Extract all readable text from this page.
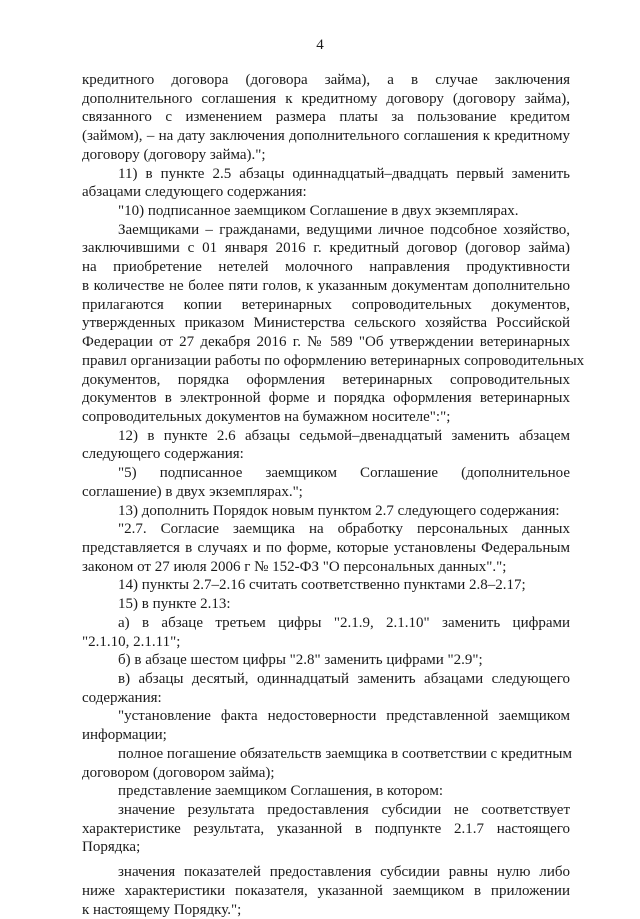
4
кредитного договора (договора займа), а в случае заключения
дополнительного соглашения к кредитному договору (договору займа),
связанного с изменением размера платы за пользование кредитом
(займом), – на дату заключения дополнительного соглашения к кредитному
договору (договору займа).";
11) в пункте 2.5 абзацы одиннадцатый–двадцать первый заменить
абзацами следующего содержания:
"10) подписанное заемщиком Соглашение в двух экземплярах.
Заемщиками – гражданами, ведущими личное подсобное хозяйство,
заключившими с 01 января 2016 г. кредитный договор (договор займа)
на приобретение нетелей молочного направления продуктивности
в количестве не более пяти голов, к указанным документам дополнительно
прилагаются копии ветеринарных сопроводительных документов,
утвержденных приказом Министерства сельского хозяйства Российской
Федерации от 27 декабря 2016 г. № 589 "Об утверждении ветеринарных
правил организации работы по оформлению ветеринарных сопроводительных
документов, порядка оформления ветеринарных сопроводительных
документов в электронной форме и порядка оформления ветеринарных
сопроводительных документов на бумажном носителе":";
12) в пункте 2.6 абзацы седьмой–двенадцатый заменить абзацем
следующего содержания:
"5) подписанное заемщиком Соглашение (дополнительное
соглашение) в двух экземплярах.";
13) дополнить Порядок новым пунктом 2.7 следующего содержания:
"2.7. Согласие заемщика на обработку персональных данных
представляется в случаях и по форме, которые установлены Федеральным
законом от 27 июля 2006 г № 152-ФЗ "О персональных данных".";
14) пункты 2.7–2.16 считать соответственно пунктами 2.8–2.17;
15) в пункте 2.13:
а) в абзаце третьем цифры "2.1.9, 2.1.10" заменить цифрами
"2.1.10, 2.1.11";
б) в абзаце шестом цифры "2.8" заменить цифрами "2.9";
в) абзацы десятый, одиннадцатый заменить абзацами следующего
содержания:
"установление факта недостоверности представленной заемщиком
информации;
полное погашение обязательств заемщика в соответствии с кредитным
договором (договором займа);
представление заемщиком Соглашения, в котором:
значение результата предоставления субсидии не соответствует
характеристике результата, указанной в подпункте 2.1.7 настоящего
Порядка;
значения показателей предоставления субсидии равны нулю либо
ниже характеристики показателя, указанной заемщиком в приложении
к настоящему Порядку.";
